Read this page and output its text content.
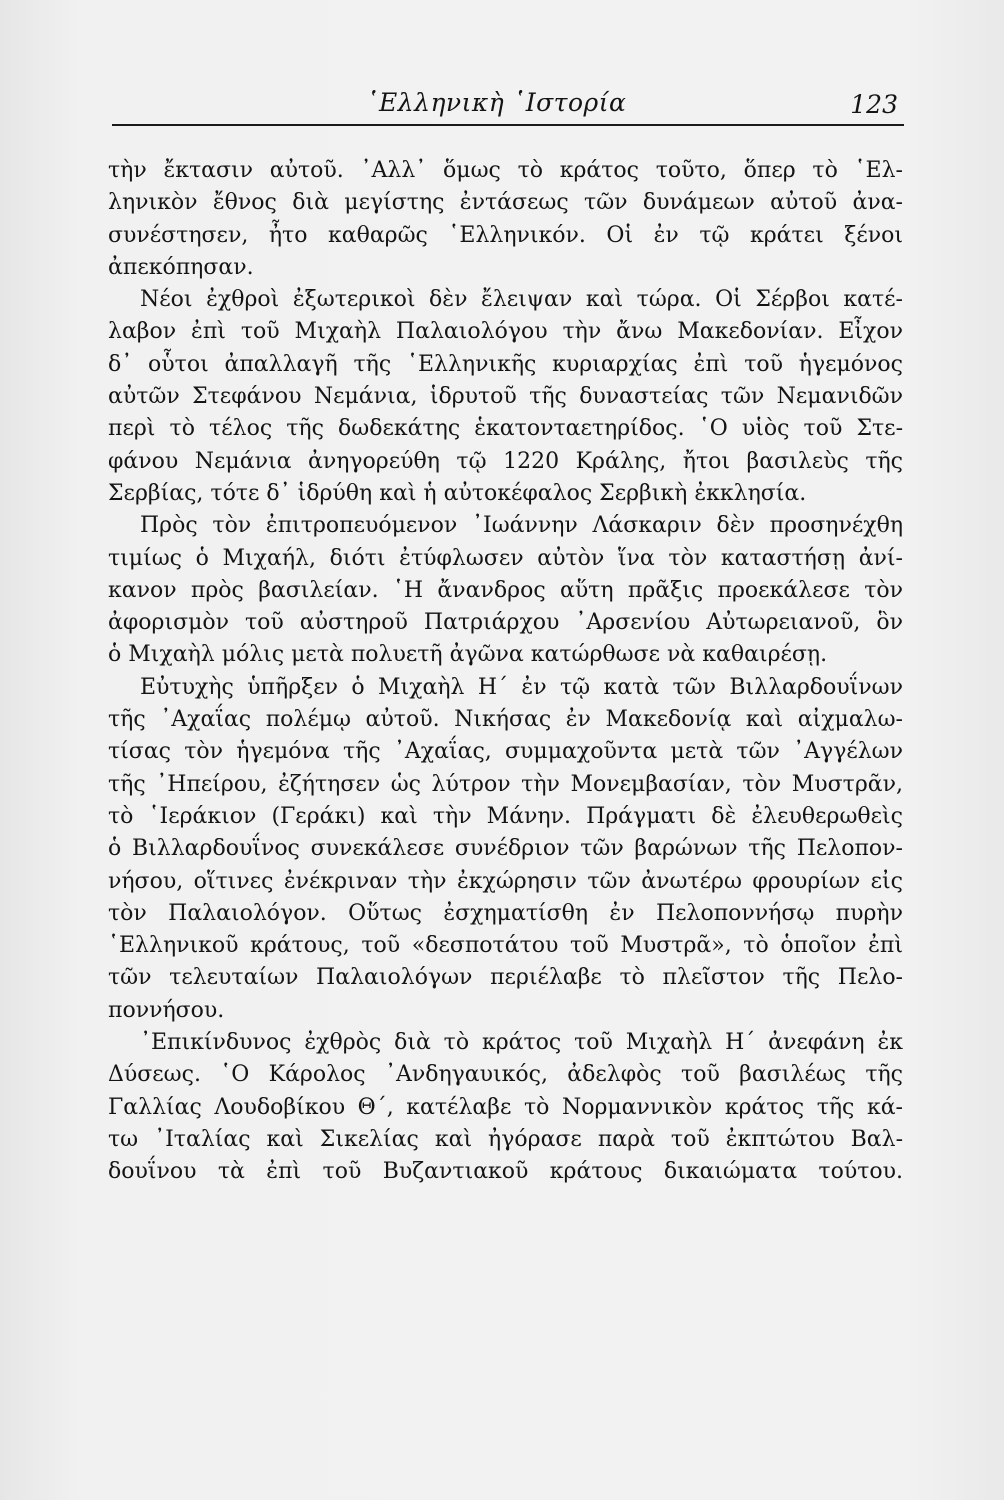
῾Ελληνικὴ ῾Ιστορία	123
τὴν ἔκτασιν αὐτοῦ. ᾿Αλλ᾿ ὅμως τὸ κράτος τοῦτο, ὅπερ τὸ ῾Ελ-
ληνικὸν ἔθνος διὰ μεγίστης ἐντάσεως τῶν δυνάμεων αὐτοῦ ἀνα-
συνέστησεν, ἦτο καθαρῶς ῾Ελληνικόν. Οἱ ἐν τῷ κράτει ξένοι
ἀπεκόπησαν.
Νέοι ἐχθροὶ ἐξωτερικοὶ δὲν ἔλειψαν καὶ τώρα. Οἱ Σέρβοι κατέ-
λαβον ἐπὶ τοῦ Μιχαὴλ Παλαιολόγου τὴν ἄνω Μακεδονίαν. Εἶχον
δ᾿ οὗτοι ἀπαλλαγῆ τῆς ῾Ελληνικῆς κυριαρχίας ἐπὶ τοῦ ἡγεμόνος
αὐτῶν Στεφάνου Νεμάνια, ἱδρυτοῦ τῆς δυναστείας τῶν Νεμανιδῶν
περὶ τὸ τέλος τῆς δωδεκάτης ἑκατονταετηρίδος. ῾Ο υἱὸς τοῦ Στε-
φάνου Νεμάνια ἀνηγορεύθη τῷ 1220 Κράλης, ἤτοι βασιλεὺς τῆς
Σερβίας, τότε δ᾿ ἱδρύθη καὶ ἡ αὐτοκέφαλος Σερβικὴ ἐκκλησία.
Πρὸς τὸν ἐπιτροπευόμενον ᾿Ιωάννην Λάσκαριν δὲν προσηνέχθη
τιμίως ὁ Μιχαήλ, διότι ἐτύφλωσεν αὐτὸν ἵνα τὸν καταστήσῃ ἀνί-
κανον πρὸς βασιλείαν. ῾Η ἄνανδρος αὕτη πρᾶξις προεκάλεσε τὸν
ἀφορισμὸν τοῦ αὐστηροῦ Πατριάρχου ᾿Αρσενίου Αὐτωρειανοῦ, ὃν
ὁ Μιχαὴλ μόλις μετὰ πολυετῆ ἀγῶνα κατώρθωσε νὰ καθαιρέσῃ.
Εὐτυχὴς ὑπῆρξεν ὁ Μιχαὴλ Η΄ ἐν τῷ κατὰ τῶν Βιλλαρδουΐνων
τῆς ᾿Αχαΐας πολέμῳ αὐτοῦ. Νικήσας ἐν Μακεδονίᾳ καὶ αἰχμαλω-
τίσας τὸν ἡγεμόνα τῆς ᾿Αχαΐας, συμμαχοῦντα μετὰ τῶν ᾿Αγγέλων
τῆς ᾿Ηπείρου, ἐζήτησεν ὡς λύτρον τὴν Μονεμβασίαν, τὸν Μυστρᾶν,
τὸ ῾Ιεράκιον (Γεράκι) καὶ τὴν Μάνην. Πράγματι δὲ ἐλευθερωθεὶς
ὁ Βιλλαρδουΐνος συνεκάλεσε συνέδριον τῶν βαρώνων τῆς Πελοπον-
νήσου, οἵτινες ἐνέκριναν τὴν ἐκχώρησιν τῶν ἀνωτέρω φρουρίων εἰς
τὸν Παλαιολόγον. Οὕτως ἐσχηματίσθη ἐν Πελοποννήσῳ πυρὴν
῾Ελληνικοῦ κράτους, τοῦ «δεσποτάτου τοῦ Μυστρᾶ», τὸ ὁποῖον ἐπὶ
τῶν τελευταίων Παλαιολόγων περιέλαβε τὸ πλεῖστον τῆς Πελο-
ποννήσου.
᾿Επικίνδυνος ἐχθρὸς διὰ τὸ κράτος τοῦ Μιχαὴλ Η΄ ἀνεφάνη ἐκ
Δύσεως. ῾Ο Κάρολος ᾿Ανδηγαυικός, ἀδελφὸς τοῦ βασιλέως τῆς
Γαλλίας Λουδοβίκου Θ΄, κατέλαβε τὸ Νορμαννικὸν κράτος τῆς κά-
τω ᾿Ιταλίας καὶ Σικελίας καὶ ἠγόρασε παρὰ τοῦ ἐκπτώτου Βαλ-
δουΐνου τὰ ἐπὶ τοῦ Βυζαντιακοῦ κράτους δικαιώματα τούτου.
